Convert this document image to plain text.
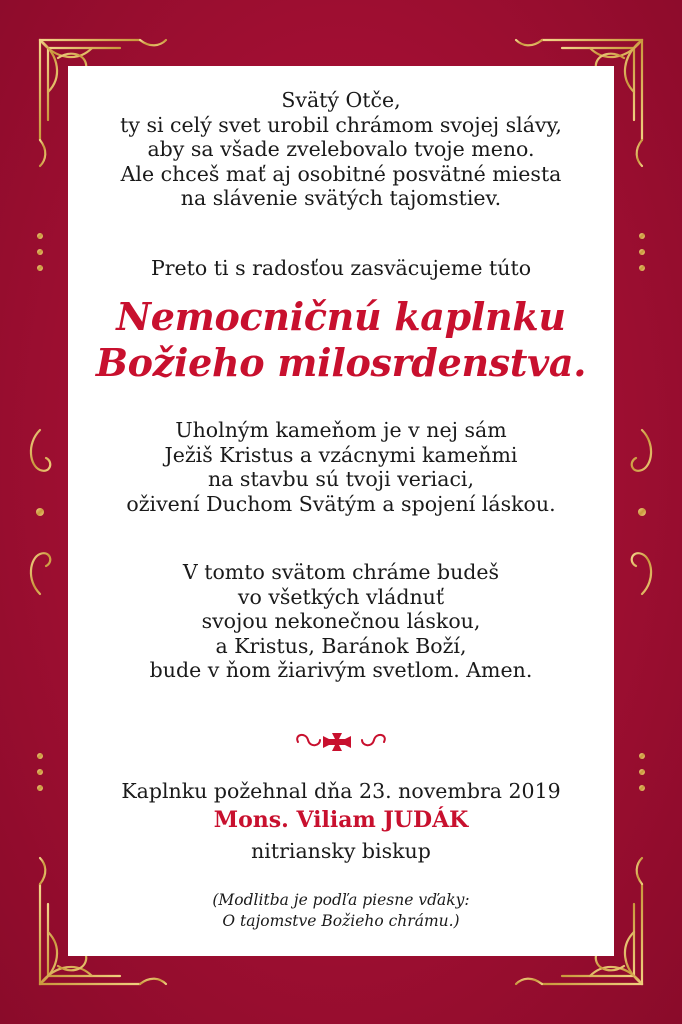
Svätý Otče,
ty si celý svet urobil chrámom svojej slávy,
aby sa všade zvelebovalo tvoje meno.
Ale chceš mať aj osobitné posvätné miesta
na slávenie svätých tajomstiev.
Preto ti s radosťou zasväcujeme túto
Nemocničnú kaplnku
Božieho milosrdenstva.
Uholným kameňom je v nej sám
Ježiš Kristus a vzácnymi kameňmi
na stavbu sú tvoji veriaci,
oživení Duchom Svätým a spojení láskou.
V tomto svätom chráme budeš
vo všetkých vládnuť
svojou nekonečnou láskou,
a Kristus, Baránok Boží,
bude v ňom žiarivým svetlom. Amen.
Kaplnku požehnal dňa 23. novembra 2019
Mons. Viliam JUDÁK
nitriansky biskup
(Modlitba je podľa piesne vďaky:
O tajomstve Božieho chrámu.)
